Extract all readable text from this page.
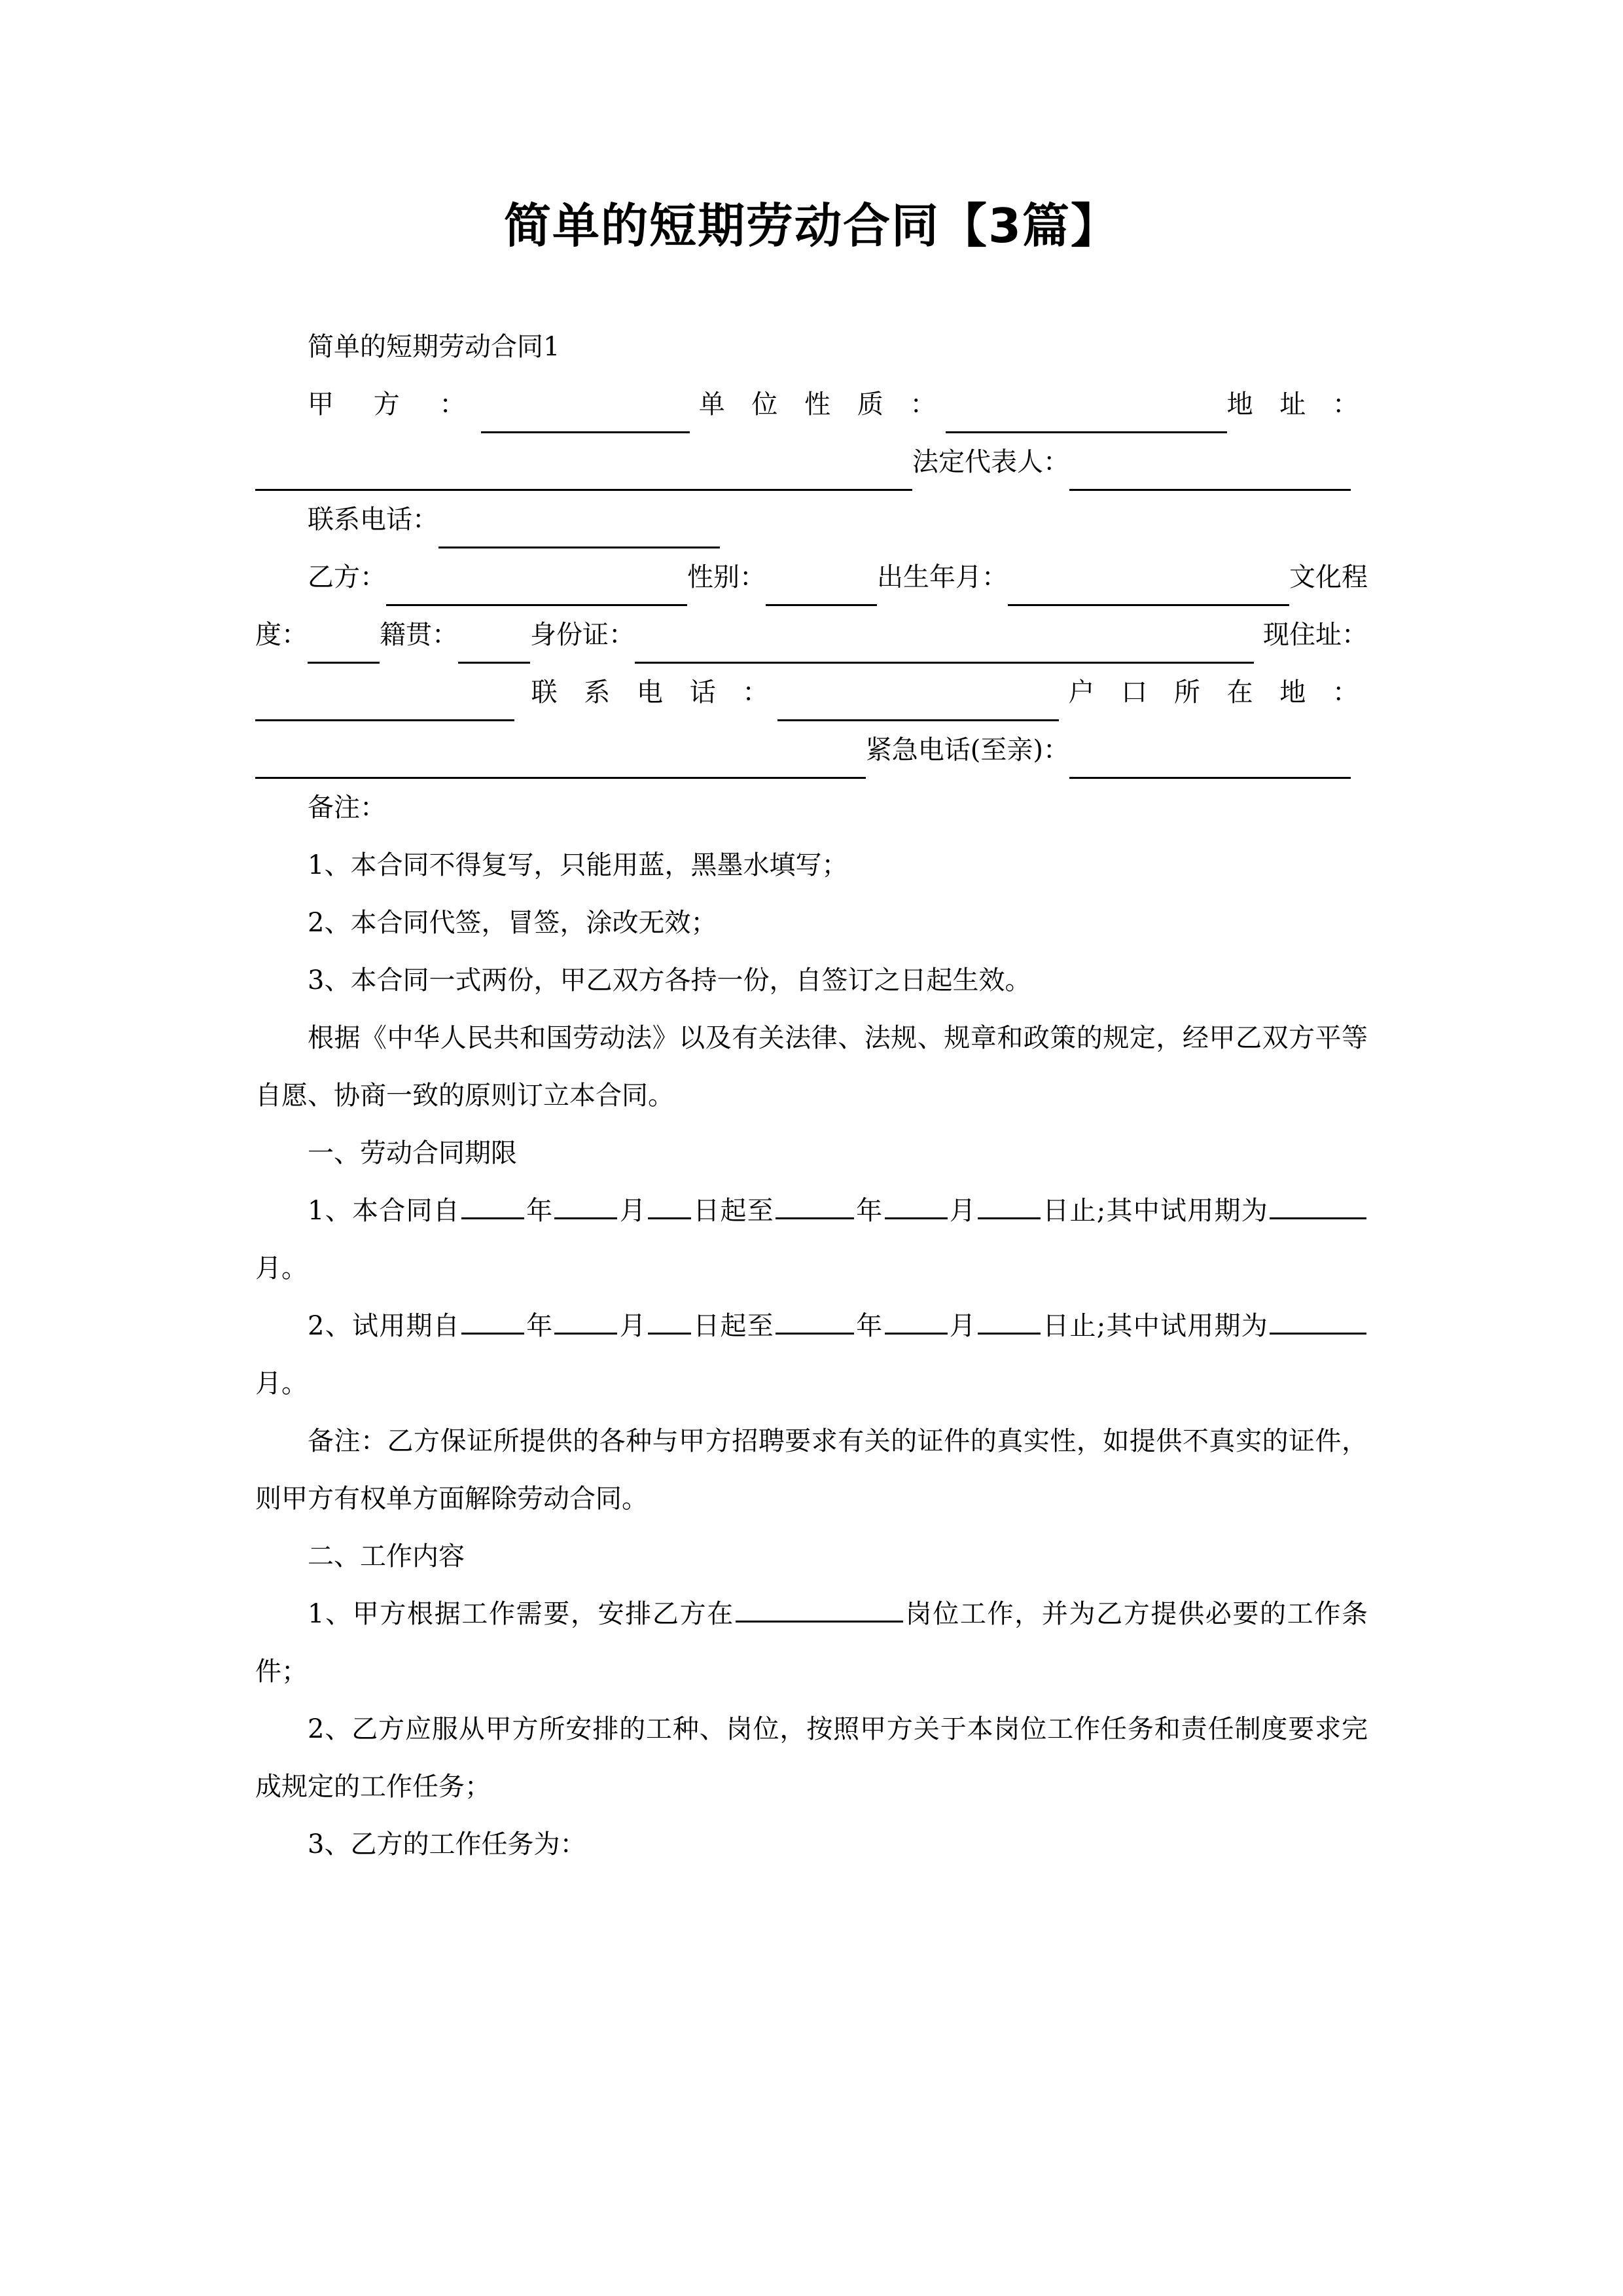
简单的短期劳动合同【3篇】

简单的短期劳动合同1

甲 方 ：	单 位 性 质 ：	地 址 ：
法定代表人：
联系电话：
乙方：	性别：	出生年月：	文化程
度：	籍贯：	身份证：	现住址：
联 系 电 话 ：	户 口 所 在 地 ：
紧急电话(至亲)：

备注：

1、本合同不得复写，只能用蓝，黑墨水填写；

2、本合同代签，冒签，涂改无效；

3、本合同一式两份，甲乙双方各持一份，自签订之日起生效。

根据《中华人民共和国劳动法》以及有关法律、法规、规章和政策的规定，经甲乙双方平等自愿、协商一致的原则订立本合同。

一、劳动合同期限

1、本合同自	年	月 日起至	年	月	日止;其中试用期为月。

2、试用期自	年	月 日起至	年	月	日止;其中试用期为月。

备注：乙方保证所提供的各种与甲方招聘要求有关的证件的真实性，如提供不真实的证件，则甲方有权单方面解除劳动合同。

二、工作内容

1、甲方根据工作需要，安排乙方在	岗位工作，并为乙方提供必要的工作条件；

2、乙方应服从甲方所安排的工种、岗位，按照甲方关于本岗位工作任务和责任制度要求完成规定的工作任务；

3、乙方的工作任务为：
